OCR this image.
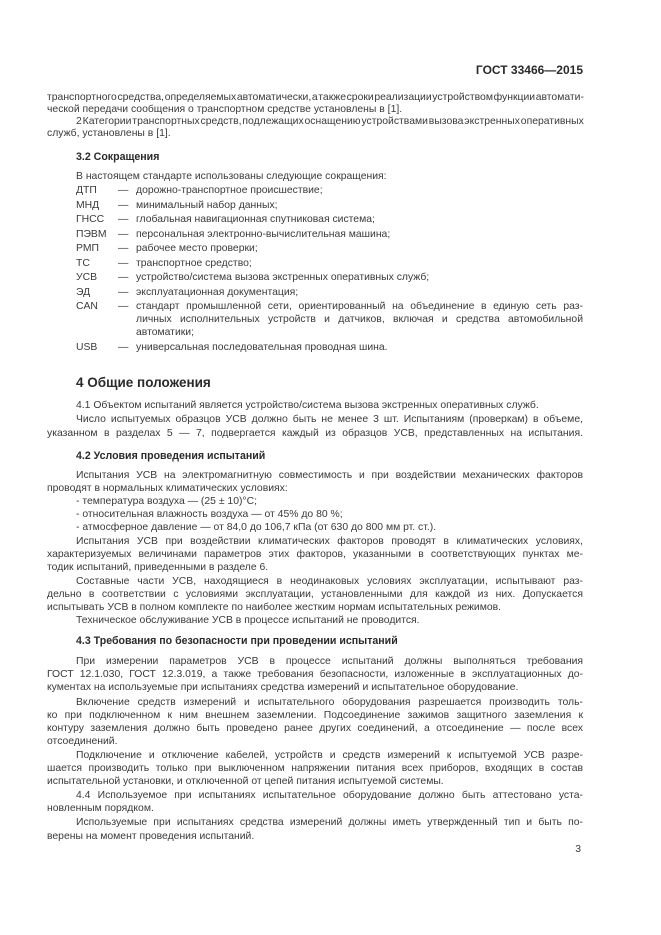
ГОСТ 33466—2015
транспортного средства, определяемых автоматически, а также сроки реализации устройством функции автомати-
ческой передачи сообщения о транспортном средстве установлены в [1].
2 Категории транспортных средств, подлежащих оснащению устройствами вызова экстренных оперативных
служб, установлены в [1].
3.2 Сокращения
В настоящем стандарте использованы следующие сокращения:
ДТП	— дорожно-транспортное происшествие;
МНД	— минимальный набор данных;
ГНСС	— глобальная навигационная спутниковая система;
ПЭВМ	— персональная электронно-вычислительная машина;
РМП	— рабочее место проверки;
ТС	— транспортное средство;
УСВ	— устройство/система вызова экстренных оперативных служб;
ЭД	— эксплуатационная документация;
CAN	— стандарт промышленной сети, ориентированный на объединение в единую сеть раз-
личных исполнительных устройств и датчиков, включая и средства автомобильной
автоматики;
USB	— универсальная последовательная проводная шина.
4 Общие положения
4.1 Объектом испытаний является устройство/система вызова экстренных оперативных служб.
Число испытуемых образцов УСВ должно быть не менее 3 шт. Испытаниям (проверкам) в объеме,
указанном в разделах 5 — 7, подвергается каждый из образцов УСВ, представленных на испытания.
4.2 Условия проведения испытаний
Испытания УСВ на электромагнитную совместимость и при воздействии механических факторов
проводят в нормальных климатических условиях:
- температура воздуха — (25 ± 10)°С;
- относительная влажность воздуха — от 45% до 80 %;
- атмосферное давление — от 84,0 до 106,7 кПа (от 630 до 800 мм рт. ст.).
Испытания УСВ при воздействии климатических факторов проводят в климатических условиях,
характеризуемых величинами параметров этих факторов, указанными в соответствующих пунктах ме-
тодик испытаний, приведенными в разделе 6.
Составные части УСВ, находящиеся в неодинаковых условиях эксплуатации, испытывают раз-
дельно в соответствии с условиями эксплуатации, установленными для каждой из них. Допускается
испытывать УСВ в полном комплекте по наиболее жестким нормам испытательных режимов.
Техническое обслуживание УСВ в процессе испытаний не проводится.
4.3 Требования по безопасности при проведении испытаний
При измерении параметров УСВ в процессе испытаний должны выполняться требования
ГОСТ 12.1.030, ГОСТ 12.3.019, а также требования безопасности, изложенные в эксплуатационных до-
кументах на используемые при испытаниях средства измерений и испытательное оборудование.
Включение средств измерений и испытательного оборудования разрешается производить толь-
ко при подключенном к ним внешнем заземлении. Подсоединение зажимов защитного заземления к
контуру заземления должно быть проведено ранее других соединений, а отсоединение — после всех
отсоединений.
Подключение и отключение кабелей, устройств и средств измерений к испытуемой УСВ разре-
шается производить только при выключенном напряжении питания всех приборов, входящих в состав
испытательной установки, и отключенной от цепей питания испытуемой системы.
4.4 Используемое при испытаниях испытательное оборудование должно быть аттестовано уста-
новленным порядком.
Используемые при испытаниях средства измерений должны иметь утвержденный тип и быть по-
верены на момент проведения испытаний.
3
